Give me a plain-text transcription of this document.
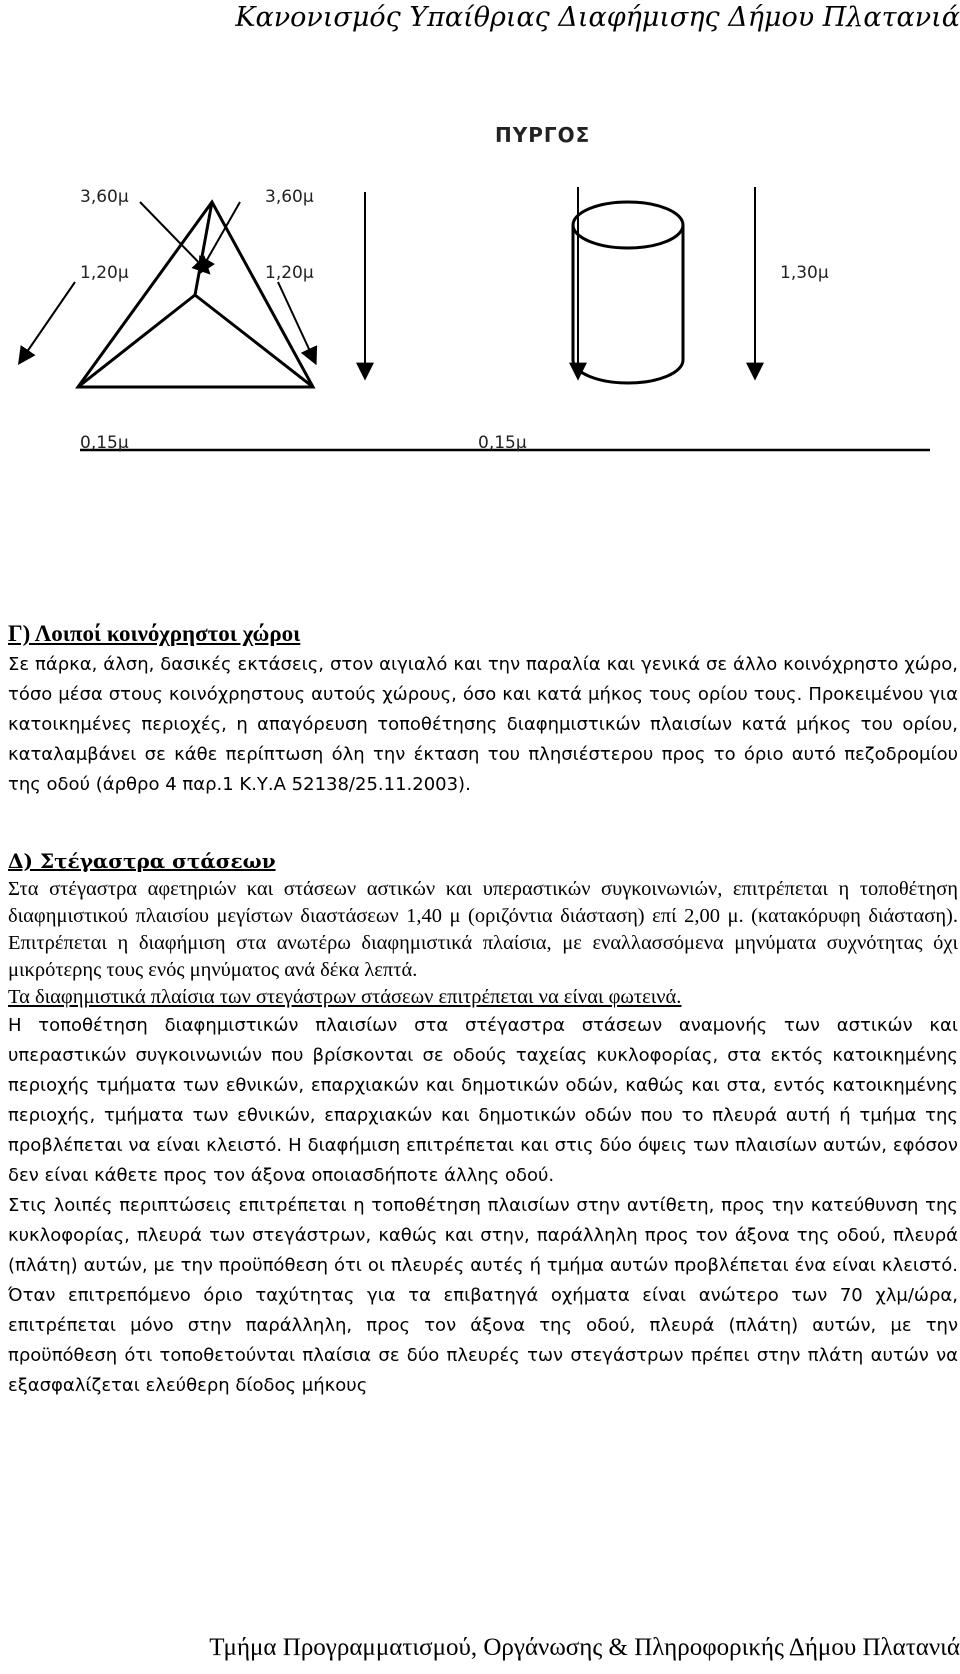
Κανονισμός Υπαίθριας Διαφήμισης Δήμου Πλατανιά
ΠΥΡΓΟΣ
3,60μ	3,60μ
1,20μ	1,20μ	1,30μ
0,15μ	0,15μ

Γ) Λοιποί κοινόχρηστοι χώροι

Σε πάρκα, άλση, δασικές εκτάσεις, στον αιγιαλό και την παραλία και γενικά σε άλλο κοινόχρηστο χώρο, τόσο μέσα στους κοινόχρηστους αυτούς χώρους, όσο και κατά μήκος τους ορίου τους. Προκειμένου για κατοικημένες περιοχές, η απαγόρευση τοποθέτησης διαφημιστικών πλαισίων κατά μήκος του ορίου, καταλαμβάνει σε κάθε περίπτωση όλη την έκταση του πλησιέστερου προς το όριο αυτό πεζοδρομίου της οδού (άρθρο 4 παρ.1 Κ.Υ.Α 52138/25.11.2003).

Δ) Στέγαστρα στάσεων

Στα στέγαστρα αφετηριών και στάσεων αστικών και υπεραστικών συγκοινωνιών, επιτρέπεται η τοποθέτηση διαφημιστικού πλαισίου μεγίστων διαστάσεων 1,40 μ (οριζόντια διάσταση) επί 2,00 μ. (κατακόρυφη διάσταση). Επιτρέπεται η διαφήμιση στα ανωτέρω διαφημιστικά πλαίσια, με εναλλασσόμενα μηνύματα συχνότητας όχι μικρότερης τους ενός μηνύματος ανά δέκα λεπτά.

Τα διαφημιστικά πλαίσια των στεγάστρων στάσεων επιτρέπεται να είναι φωτεινά.

Η τοποθέτηση διαφημιστικών πλαισίων στα στέγαστρα στάσεων αναμονής των αστικών και υπεραστικών συγκοινωνιών που βρίσκονται σε οδούς ταχείας κυκλοφορίας, στα εκτός κατοικημένης περιοχής τμήματα των εθνικών, επαρχιακών και δημοτικών οδών, καθώς και στα, εντός κατοικημένης περιοχής, τμήματα των εθνικών, επαρχιακών και δημοτικών οδών που το πλευρά αυτή ή τμήμα της προβλέπεται να είναι κλειστό. Η διαφήμιση επιτρέπεται και στις δύο όψεις των πλαισίων αυτών, εφόσον δεν είναι κάθετε προς τον άξονα οποιασδήποτε άλλης οδού.

Στις λοιπές περιπτώσεις επιτρέπεται η τοποθέτηση πλαισίων στην αντίθετη, προς την κατεύθυνση της κυκλοφορίας, πλευρά των στεγάστρων, καθώς και στην, παράλληλη προς τον άξονα της οδού, πλευρά (πλάτη) αυτών, με την προϋπόθεση ότι οι πλευρές αυτές ή τμήμα αυτών προβλέπεται ένα είναι κλειστό. Όταν επιτρεπόμενο όριο ταχύτητας για τα επιβατηγά οχήματα είναι ανώτερο των 70 χλμ/ώρα, επιτρέπεται μόνο στην παράλληλη, προς τον άξονα της οδού, πλευρά (πλάτη) αυτών, με την προϋπόθεση ότι τοποθετούνται πλαίσια σε δύο πλευρές των στεγάστρων πρέπει στην πλάτη αυτών να εξασφαλίζεται ελεύθερη δίοδος μήκους

Τμήμα Προγραμματισμού, Οργάνωσης & Πληροφορικής Δήμου Πλατανιά
